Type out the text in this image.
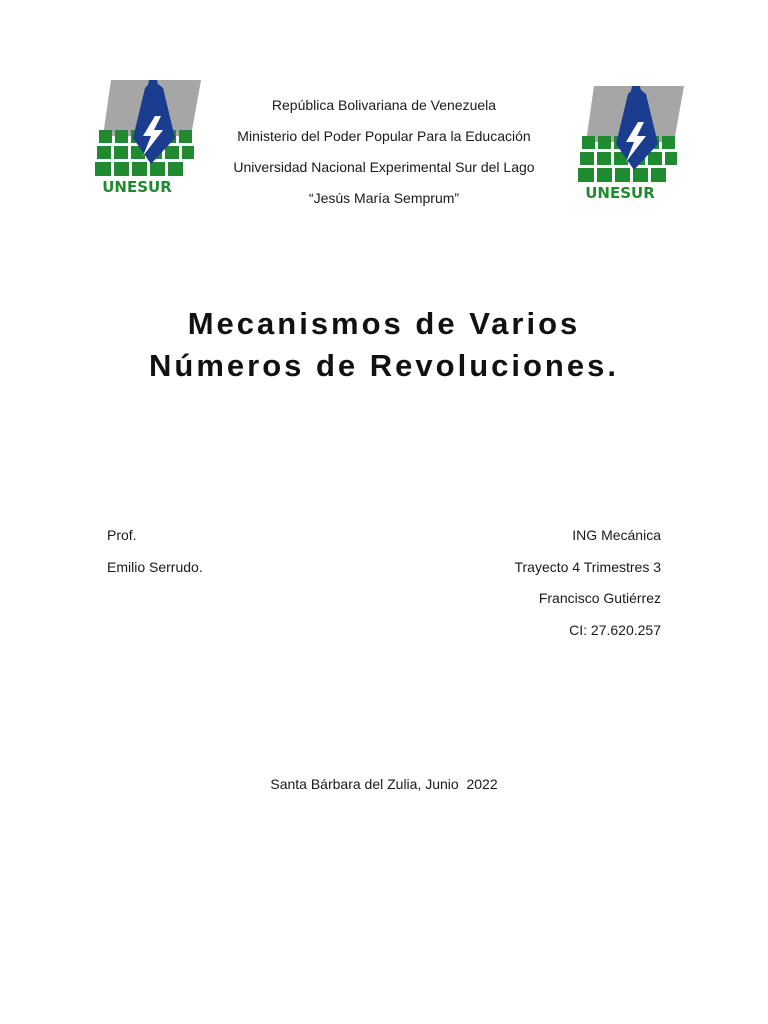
UNESUR
República Bolivariana de Venezuela
Ministerio del Poder Popular Para la Educación
Universidad Nacional Experimental Sur del Lago
“Jesús María Semprum”	UNESUR
Mecanismos de Varios
Números de Revoluciones.
Prof.
Emilio Serrudo.
ING Mecánica
Trayecto 4 Trimestres 3
Francisco Gutiérrez
CI: 27.620.257
Santa Bárbara del Zulia, Junio  2022
